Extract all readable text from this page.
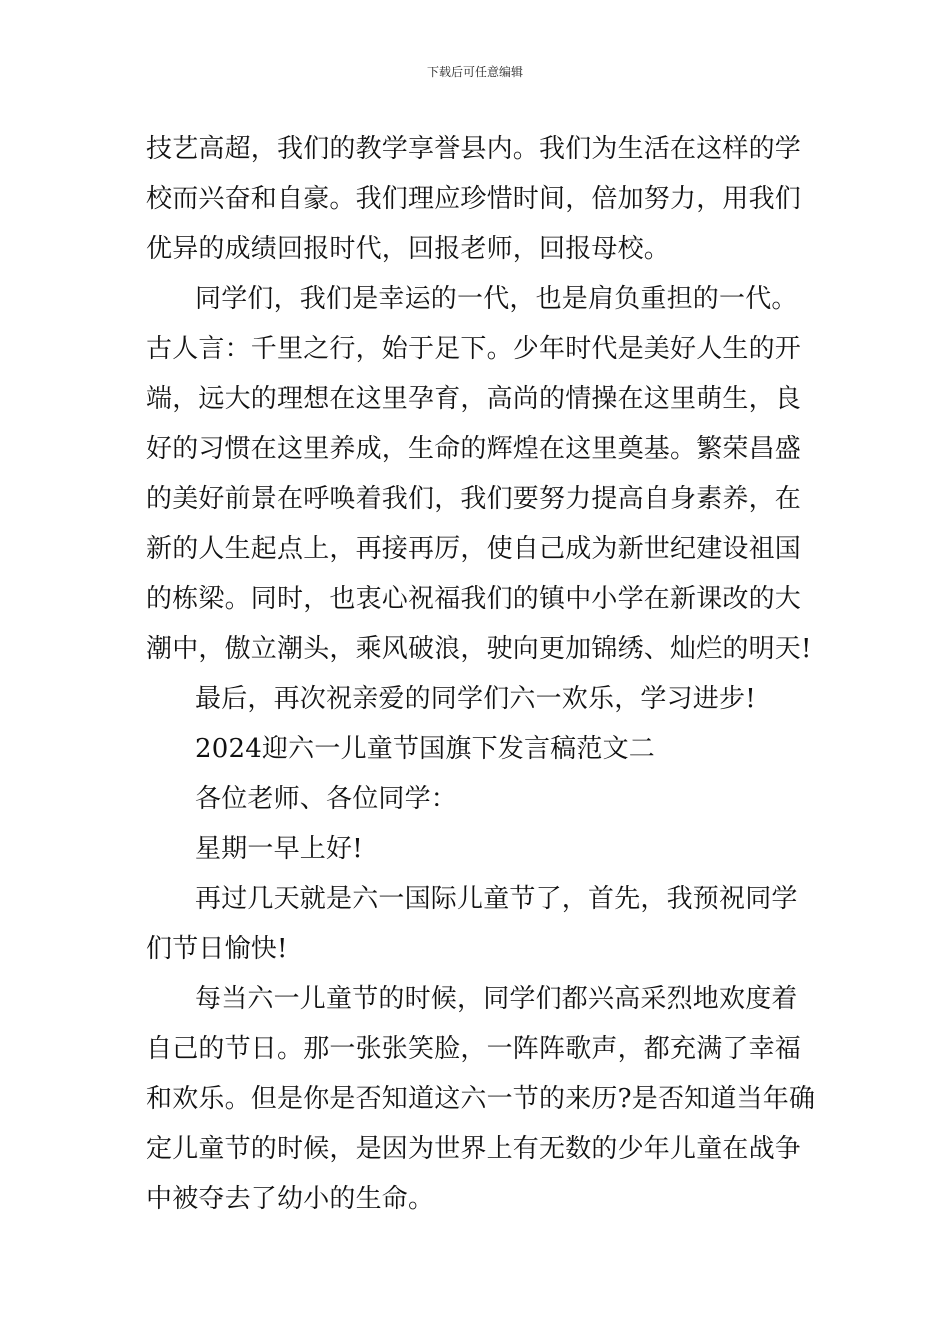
下载后可任意编辑
技艺高超，我们的教学享誉县内。我们为生活在这样的学
校而兴奋和自豪。我们理应珍惜时间，倍加努力，用我们
优异的成绩回报时代，回报老师，回报母校。
同学们，我们是幸运的一代，也是肩负重担的一代。
古人言：千里之行，始于足下。少年时代是美好人生的开
端，远大的理想在这里孕育，高尚的情操在这里萌生，良
好的习惯在这里养成，生命的辉煌在这里奠基。繁荣昌盛
的美好前景在呼唤着我们，我们要努力提高自身素养，在
新的人生起点上，再接再厉，使自己成为新世纪建设祖国
的栋梁。同时，也衷心祝福我们的镇中小学在新课改的大
潮中，傲立潮头，乘风破浪，驶向更加锦绣、灿烂的明天!
最后，再次祝亲爱的同学们六一欢乐，学习进步!
2024迎六一儿童节国旗下发言稿范文二
各位老师、各位同学：
星期一早上好!
再过几天就是六一国际儿童节了，首先，我预祝同学
们节日愉快!
每当六一儿童节的时候，同学们都兴高采烈地欢度着
自己的节日。那一张张笑脸，一阵阵歌声，都充满了幸福
和欢乐。但是你是否知道这六一节的来历?是否知道当年确
定儿童节的时候，是因为世界上有无数的少年儿童在战争
中被夺去了幼小的生命。
